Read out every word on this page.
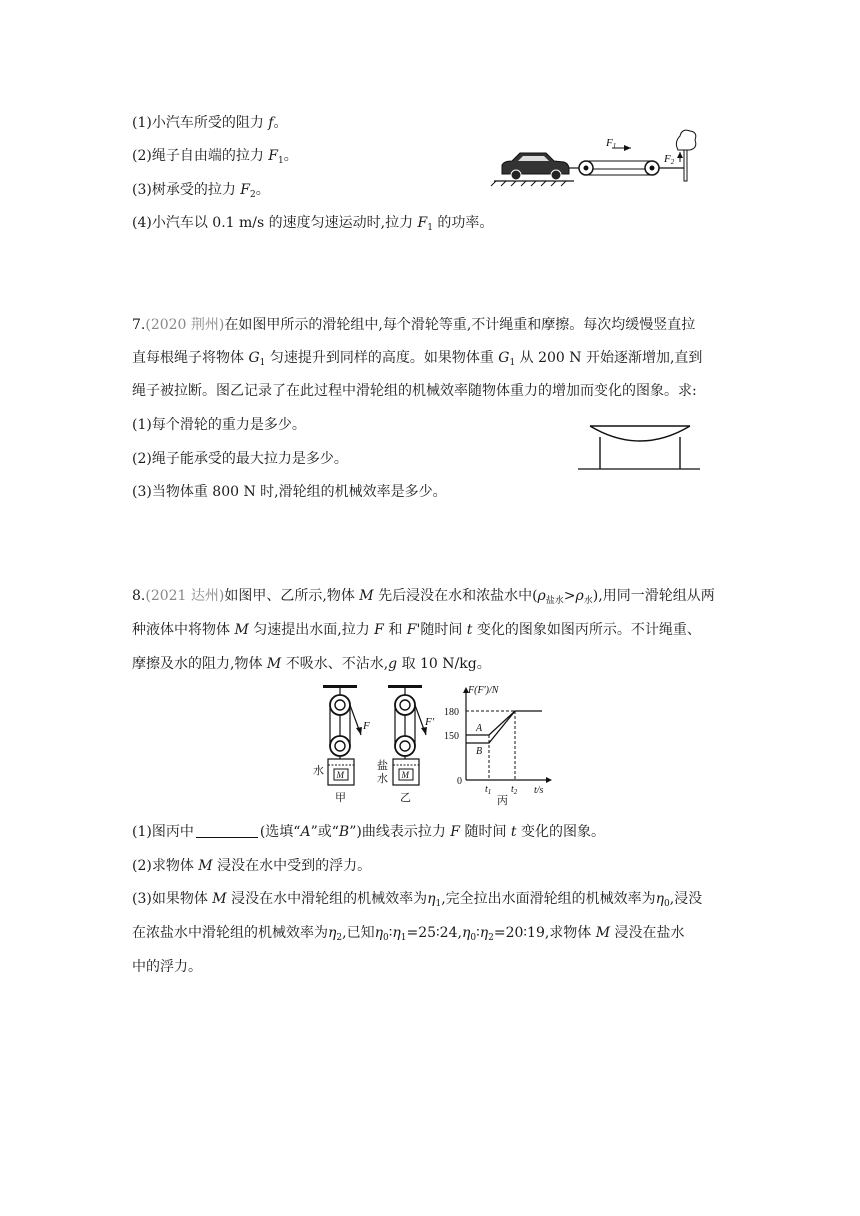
(1)小汽车所受的阻力 f。
(2)绳子自由端的拉力 $F_1$。
(3)树承受的拉力 $F_2$。
(4)小汽车以 0.1 m/s 的速度匀速运动时,拉力 $F_1$ 的功率。
F1
F2
7.(2020 荆州)在如图甲所示的滑轮组中,每个滑轮等重,不计绳重和摩擦。每次均缓慢竖直拉
直每根绳子将物体 $G_1$ 匀速提升到同样的高度。如果物体重 $G_1$ 从 200 N 开始逐渐增加,直到
绳子被拉断。图乙记录了在此过程中滑轮组的机械效率随物体重力的增加而变化的图象。求:
(1)每个滑轮的重力是多少。
(2)绳子能承受的最大拉力是多少。
(3)当物体重 800 N 时,滑轮组的机械效率是多少。
8.(2021 达州)如图甲、乙所示,物体 M 先后浸没在水和浓盐水中$(\rho_{盐水}>\rho_水)$,用同一滑轮组从两
种液体中将物体 M 匀速提出水面,拉力 F 和 F'随时间 t 变化的图象如图丙所示。不计绳重、
摩擦及水的阻力,物体 M 不吸水、不沾水,g 取 10 N/kg。
F
M
水
甲
F'
M
盐
水
乙
F(F')/N
180
150
0
A
B
$t_1$ $t_2$ t/s
丙
(1)图丙中	(选填“A”或“B”)曲线表示拉力 F 随时间 t 变化的图象。
(2)求物体 M 浸没在水中受到的浮力。
(3)如果物体 M 浸没在水中滑轮组的机械效率为$\eta_1$,完全拉出水面滑轮组的机械效率为$\eta_0$,浸没
在浓盐水中滑轮组的机械效率为$\eta_2$,已知$\eta_0∶\eta_1=25∶24,\eta_0∶\eta_2=20∶19$,求物体 M 浸没在盐水
中的浮力。
